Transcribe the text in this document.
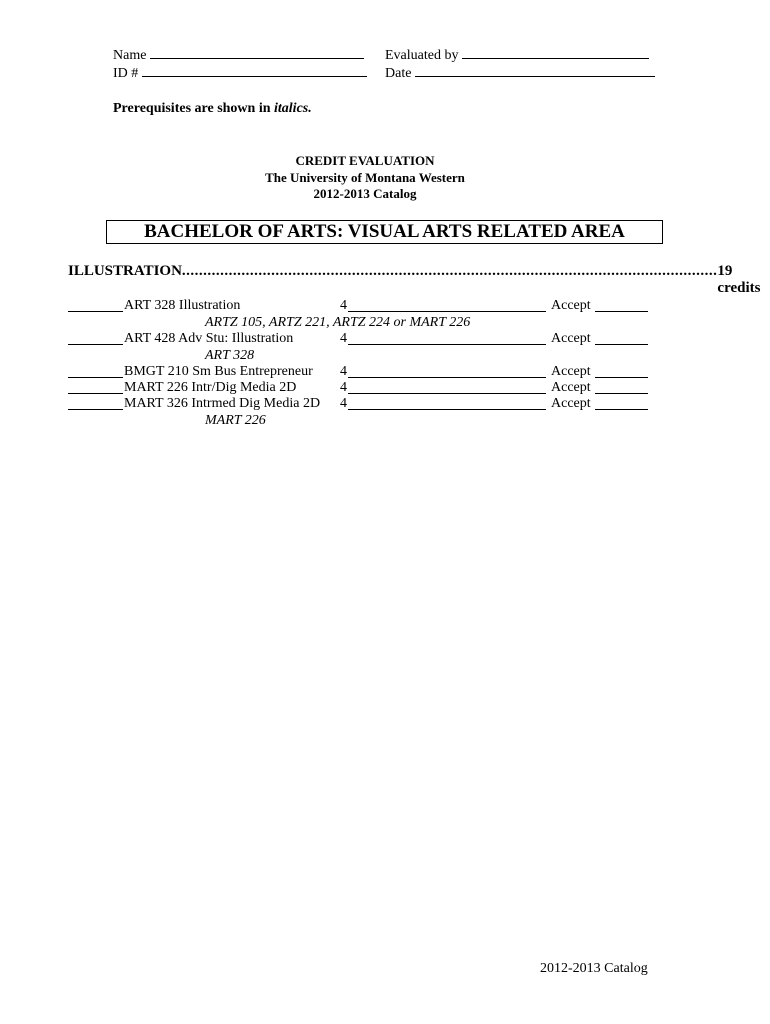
Name
ID #
Evaluated by
Date
Prerequisites are shown in italics.
CREDIT EVALUATION
The University of Montana Western
2012-2013 Catalog
BACHELOR OF ARTS: VISUAL ARTS RELATED AREA
ILLUSTRATION .............................................................................................................................. 19 credits
ART 328 Illustration	4	Accept
ARTZ 105, ARTZ 221, ARTZ 224 or MART 226
ART 428 Adv Stu: Illustration	4	Accept
ART 328
BMGT 210 Sm Bus Entrepreneur 4	Accept
MART 226 Intr/Dig Media 2D	4	Accept
MART 326 Intrmed Dig Media 2D 4	Accept
MART 226
2012-2013 Catalog
